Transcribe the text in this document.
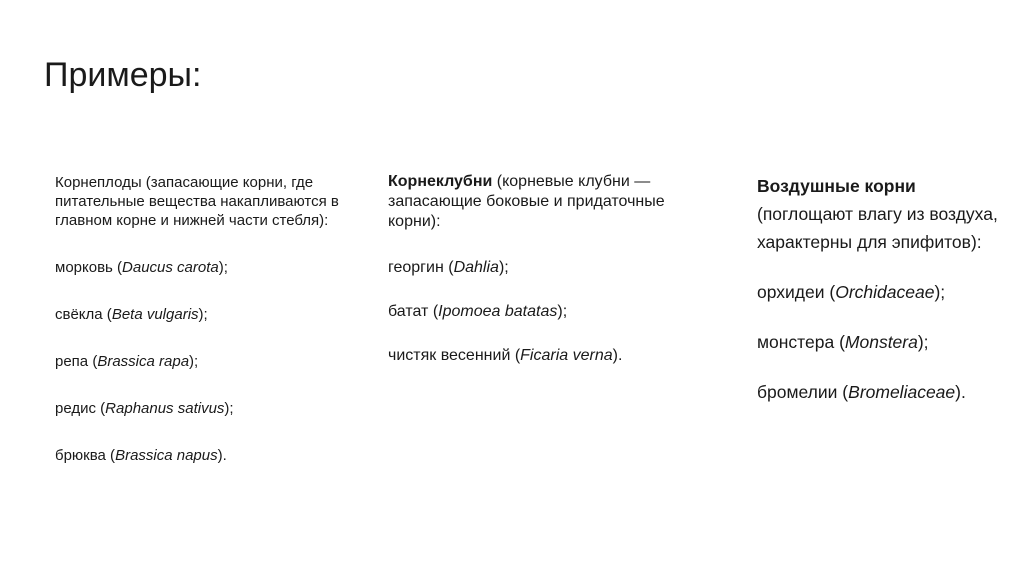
Примеры:

Корнеплоды (запасающие корни, где питательные вещества накапливаются в главном корне и нижней части стебля):

морковь (Daucus carota);

свёкла (Beta vulgaris);

репа (Brassica rapa);

редис (Raphanus sativus);

брюква (Brassica napus).

Корнеклубни (корневые клубни — запасающие боковые и придаточные корни):

георгин (Dahlia);

батат (Ipomoea batatas);

чистяк весенний (Ficaria verna).

Воздушные корни (поглощают влагу из воздуха, характерны для эпифитов):

орхидеи (Orchidaceae);

монстера (Monstera);

бромелии (Bromeliaceae).
